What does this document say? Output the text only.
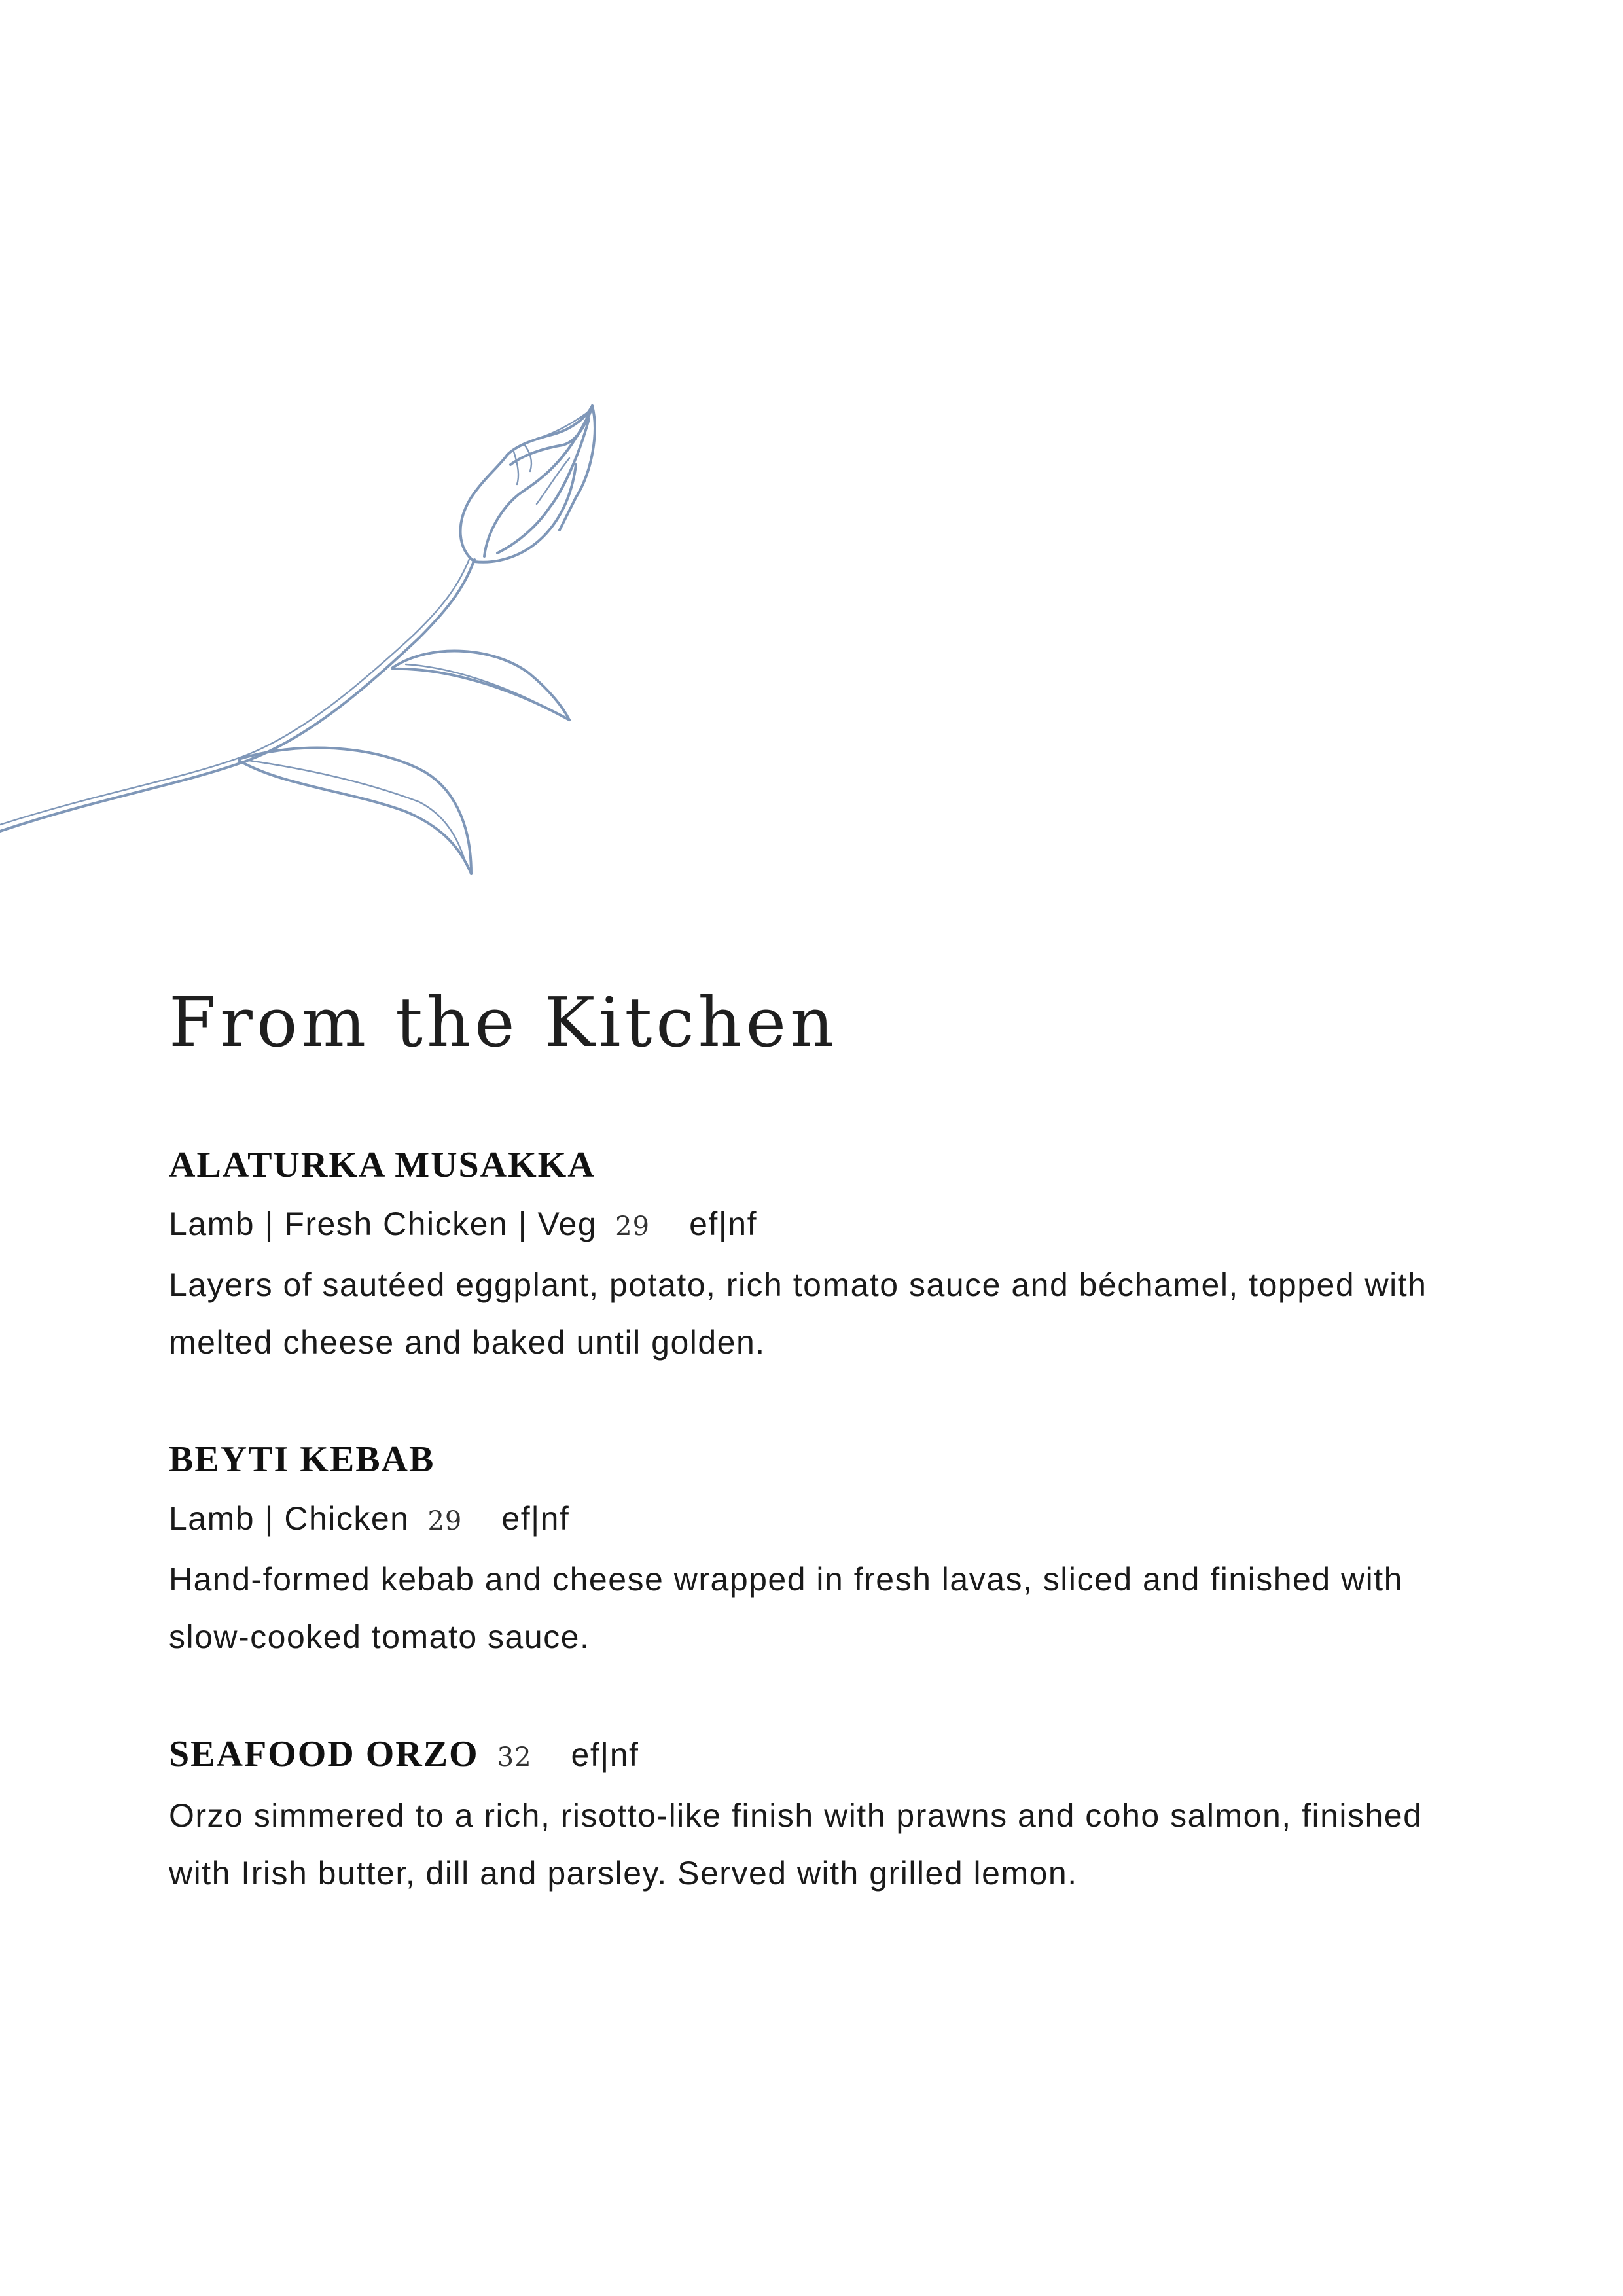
From the Kitchen
ALATURKA MUSAKKA
Lamb | Fresh Chicken | Veg 29 ef|nf
Layers of sautéed eggplant, potato, rich tomato sauce and béchamel, topped with melted cheese and baked until golden.
BEYTI KEBAB
Lamb | Chicken 29 ef|nf
Hand-formed kebab and cheese wrapped in fresh lavas, sliced and finished with slow-cooked tomato sauce.
SEAFOOD ORZO 32 ef|nf
Orzo simmered to a rich, risotto-like finish with prawns and coho salmon, finished with Irish butter, dill and parsley. Served with grilled lemon.
